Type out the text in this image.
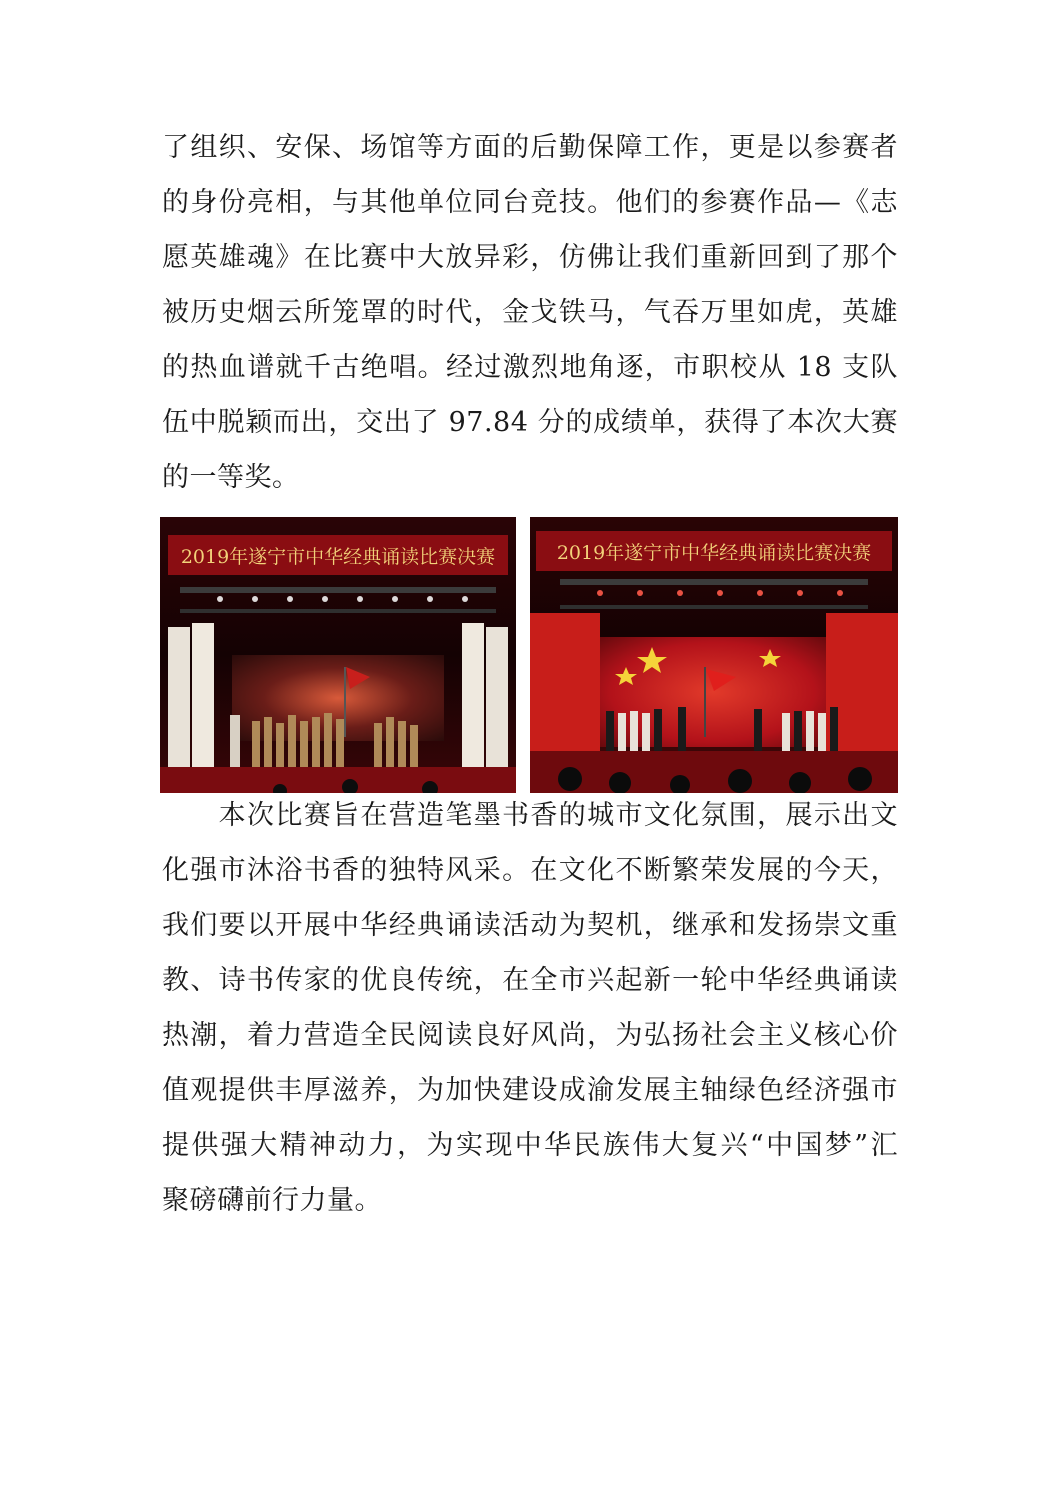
了组织、安保、场馆等方面的后勤保障工作，更是以参赛者
的身份亮相，与其他单位同台竞技。他们的参赛作品—《志
愿英雄魂》在比赛中大放异彩，仿佛让我们重新回到了那个
被历史烟云所笼罩的时代，金戈铁马，气吞万里如虎，英雄
的热血谱就千古绝唱。经过激烈地角逐，市职校从 18 支队
伍中脱颖而出，交出了 97.84 分的成绩单，获得了本次大赛
的一等奖。
2019年遂宁市中华经典诵读比赛决赛	2019年遂宁市中华经典诵读比赛决赛
　　本次比赛旨在营造笔墨书香的城市文化氛围，展示出文
化强市沐浴书香的独特风采。在文化不断繁荣发展的今天，
我们要以开展中华经典诵读活动为契机，继承和发扬崇文重
教、诗书传家的优良传统，在全市兴起新一轮中华经典诵读
热潮，着力营造全民阅读良好风尚，为弘扬社会主义核心价
值观提供丰厚滋养，为加快建设成渝发展主轴绿色经济强市
提供强大精神动力，为实现中华民族伟大复兴“中国梦”汇
聚磅礴前行力量。
